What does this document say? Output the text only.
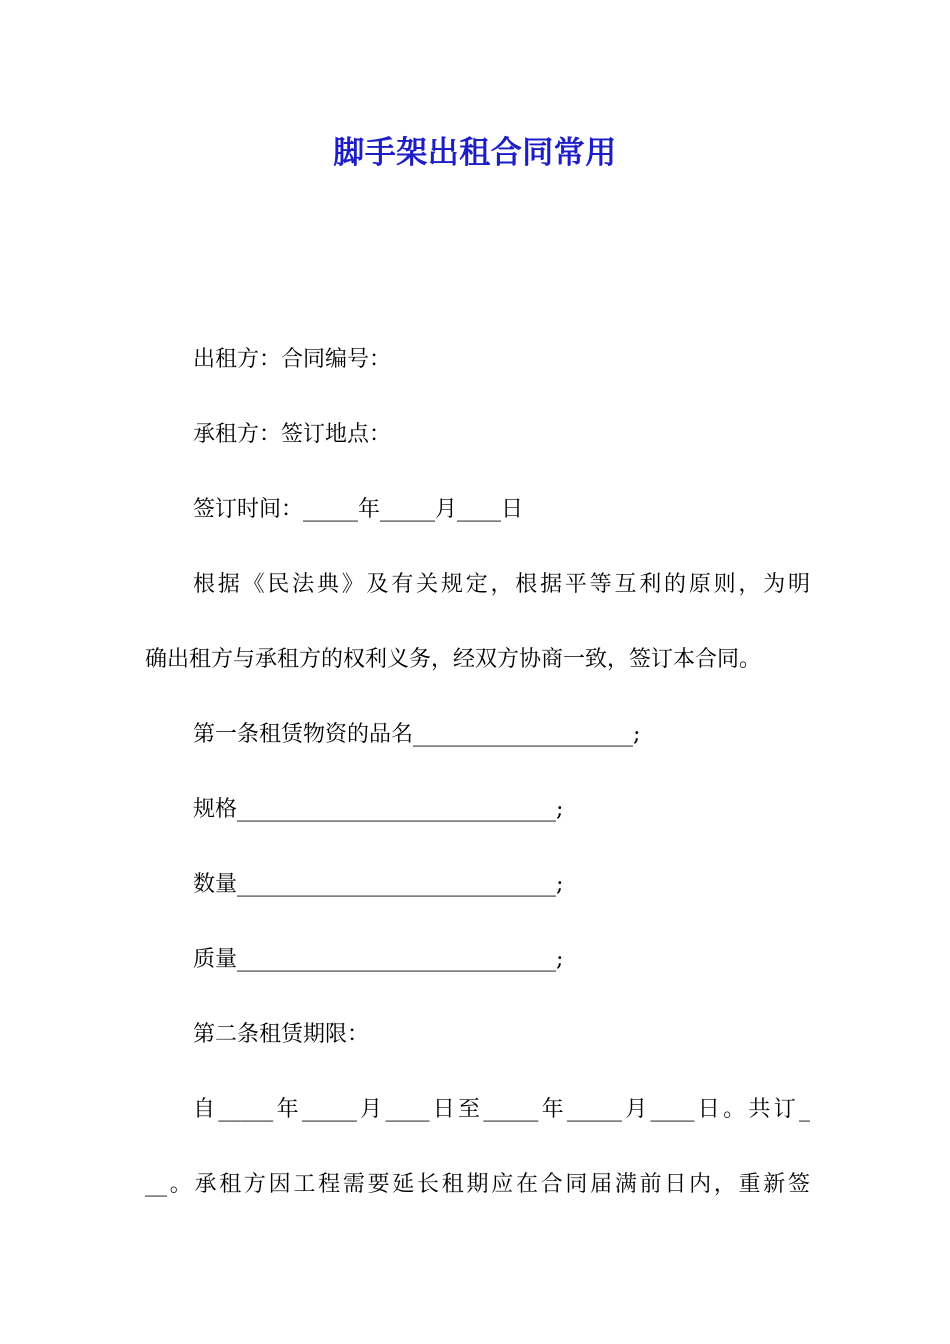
脚手架出租合同常用
出租方：合同编号：
承租方：签订地点：
签订时间：_____年_____月____日
根据《民法典》及有关规定，根据平等互利的原则，为明
确出租方与承租方的权利义务，经双方协商一致，签订本合同。
第一条租赁物资的品名____________________;
规格_____________________________;
数量_____________________________;
质量_____________________________;
第二条租赁期限：
自_____年_____月____日至_____年_____月____日。共订_
__。承租方因工程需要延长租期应在合同届满前日内，重新签
